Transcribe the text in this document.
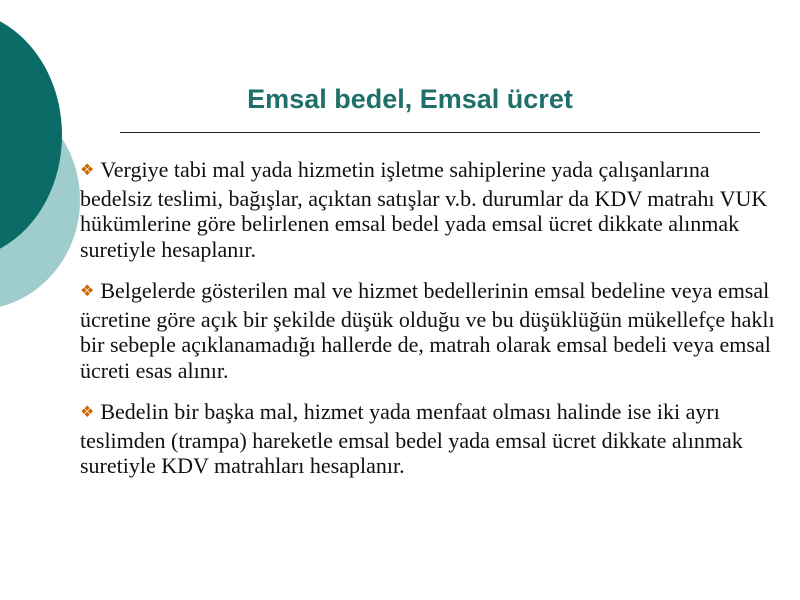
Emsal bedel, Emsal ücret

❖ Vergiye tabi mal yada hizmetin işletme sahiplerine yada çalışanlarına bedelsiz teslimi, bağışlar, açıktan satışlar v.b. durumlar da KDV matrahı VUK hükümlerine göre belirlenen emsal bedel yada emsal ücret dikkate alınmak suretiyle hesaplanır.

❖ Belgelerde gösterilen mal ve hizmet bedellerinin emsal bedeline veya emsal ücretine göre açık bir şekilde düşük olduğu ve bu düşüklüğün mükellefçe haklı bir sebeple açıklanamadığı hallerde de, matrah olarak emsal bedeli veya emsal ücreti esas alınır.

❖ Bedelin bir başka mal, hizmet yada menfaat olması halinde ise iki ayrı teslimden (trampa) hareketle emsal bedel yada emsal ücret dikkate alınmak suretiyle KDV matrahları hesaplanır.
